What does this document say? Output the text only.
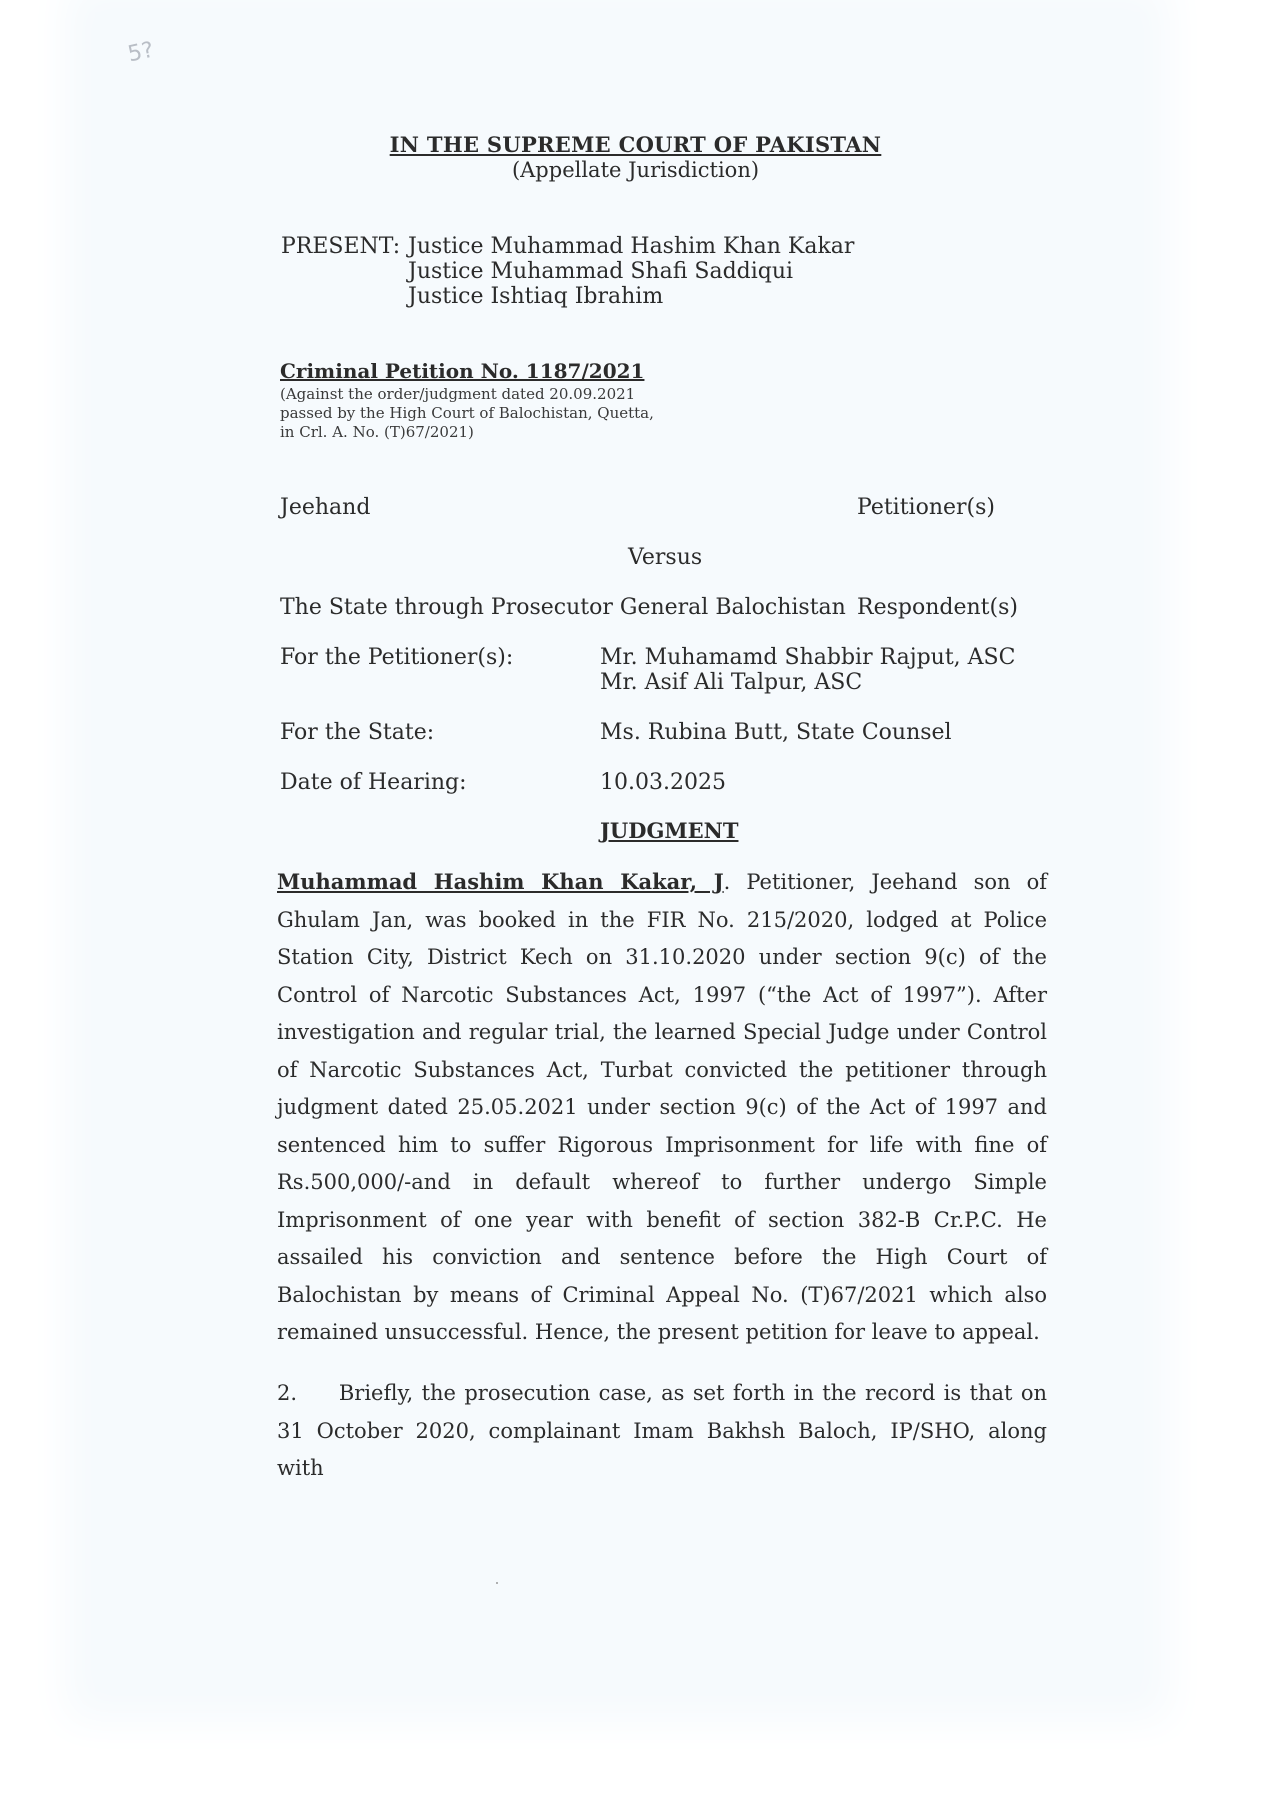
5?
IN THE SUPREME COURT OF PAKISTAN
(Appellate Jurisdiction)
PRESENT: Justice Muhammad Hashim Khan Kakar
Justice Muhammad Shafi Saddiqui
Justice Ishtiaq Ibrahim
Criminal Petition No. 1187/2021
(Against the order/judgment dated 20.09.2021
passed by the High Court of Balochistan, Quetta,
in Crl. A. No. (T)67/2021)
Jeehand	Petitioner(s)
Versus
The State through Prosecutor General Balochistan Respondent(s)
For the Petitioner(s):	Mr. Muhamamd Shabbir Rajput, ASC
Mr. Asif Ali Talpur, ASC
For the State:	Ms. Rubina Butt, State Counsel
Date of Hearing:	10.03.2025
JUDGMENT
Muhammad Hashim Khan Kakar, J. Petitioner, Jeehand son of Ghulam Jan, was booked in the FIR No. 215/2020, lodged at Police Station City, District Kech on 31.10.2020 under section 9(c) of the Control of Narcotic Substances Act, 1997 (“the Act of 1997”). After investigation and regular trial, the learned Special Judge under Control of Narcotic Substances Act, Turbat convicted the petitioner through judgment dated 25.05.2021 under section 9(c) of the Act of 1997 and sentenced him to suffer Rigorous Imprisonment for life with fine of Rs.500,000/-and in default whereof to further undergo Simple Imprisonment of one year with benefit of section 382-B Cr.P.C. He assailed his conviction and sentence before the High Court of Balochistan by means of Criminal Appeal No. (T)67/2021 which also remained unsuccessful. Hence, the present petition for leave to appeal.
2.     Briefly, the prosecution case, as set forth in the record is that on 31 October 2020, complainant Imam Bakhsh Baloch, IP/SHO, along with
